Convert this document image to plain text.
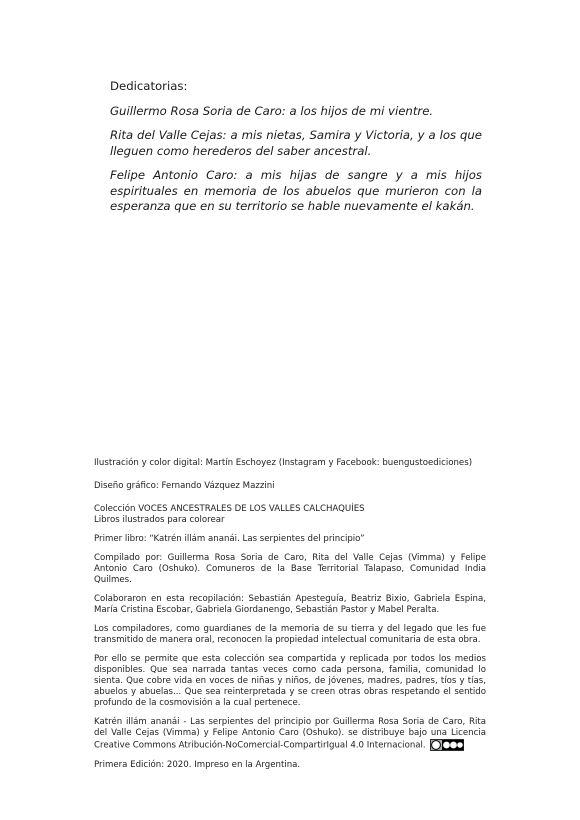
Dedicatorias:

Guillermo Rosa Soria de Caro: a los hijos de mi vientre.

Rita del Valle Cejas: a mis nietas, Samira y Victoria, y a los que lleguen como herederos del saber ancestral.

Felipe Antonio Caro: a mis hijas de sangre y a mis hijos espirituales en memoria de los abuelos que murieron con la esperanza que en su territorio se hable nuevamente el kakán.

Ilustración y color digital: Martín Eschoyez (Instagram y Facebook: buengustoediciones)

Diseño gráfico: Fernando Vázquez Mazzini

Colección VOCES ANCESTRALES DE LOS VALLES CALCHAQUÍES

Libros ilustrados para colorear

Primer libro: “Katrén illám ananái. Las serpientes del principio”

Compilado por: Guillerma Rosa Soria de Caro, Rita del Valle Cejas (Vimma) y Felipe Antonio Caro (Oshuko). Comuneros de la Base Territorial Talapaso, Comunidad India Quilmes.

Colaboraron en esta recopilación: Sebastián Apesteguía, Beatriz Bixio, Gabriela Espina, María Cristina Escobar, Gabriela Giordanengo, Sebastián Pastor y Mabel Peralta.

Los compiladores, como guardianes de la memoria de su tierra y del legado que les fue transmitido de manera oral, reconocen la propiedad intelectual comunitaria de esta obra.

Por ello se permite que esta colección sea compartida y replicada por todos los medios disponibles. Que sea narrada tantas veces como cada persona, familia, comunidad lo sienta. Que cobre vida en voces de niñas y niños, de jóvenes, madres, padres, tíos y tías, abuelos y abuelas... Que sea reinterpretada y se creen otras obras respetando el sentido profundo de la cosmovisión a la cual pertenece.

Katrén illám ananái - Las serpientes del principio por Guillerma Rosa Soria de Caro, Rita del Valle Cejas (Vimma) y Felipe Antonio Caro (Oshuko). se distribuye bajo una Licencia Creative Commons Atribución-NoComercial-CompartirIgual 4.0 Internacional.

Primera Edición: 2020. Impreso en la Argentina.
